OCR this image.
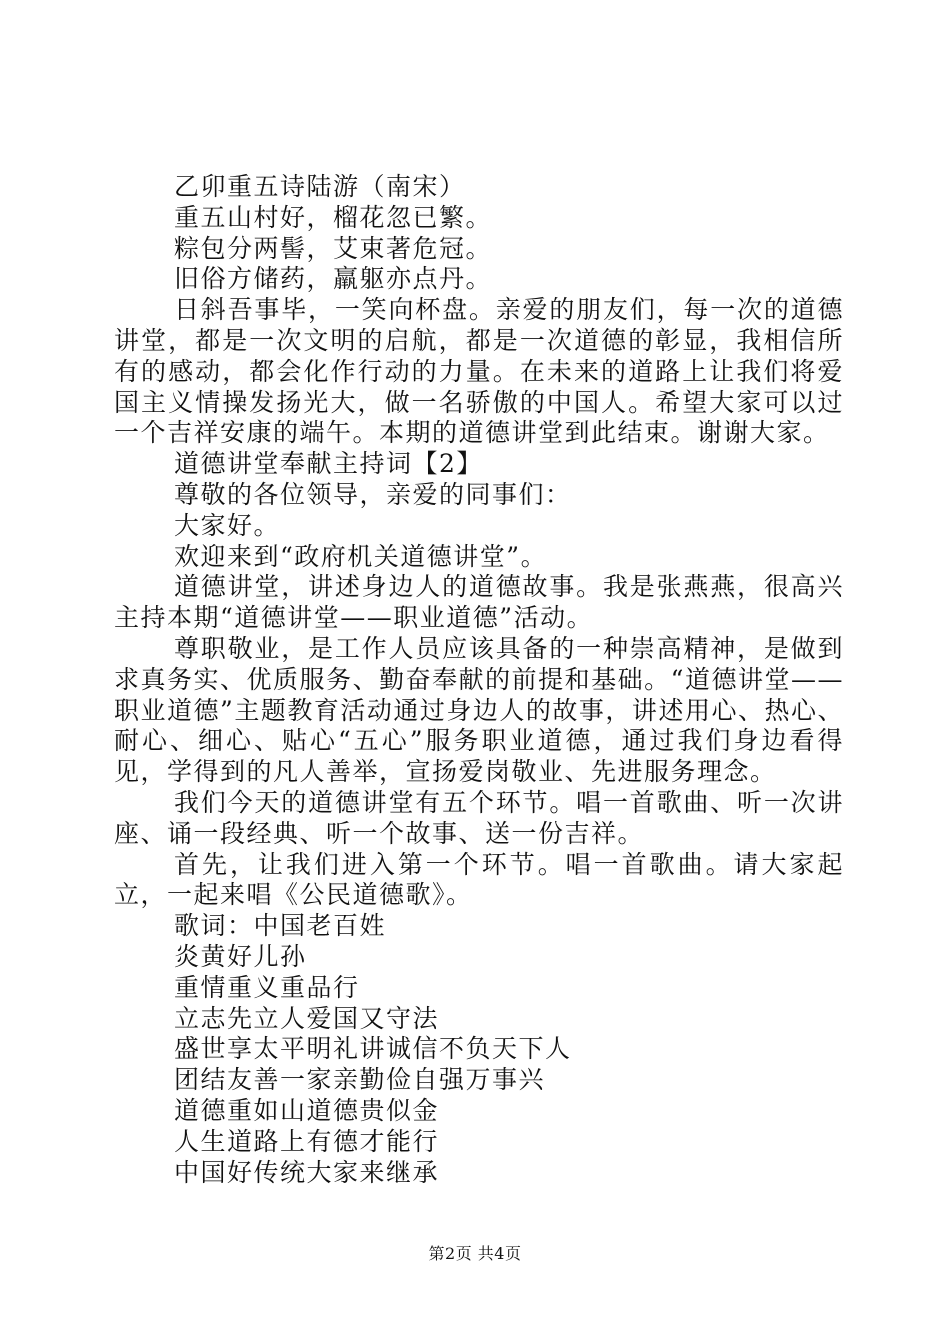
乙卯重五诗陆游（南宋）

重五山村好，榴花忽已繁。

粽包分两髻，艾束著危冠。

旧俗方储药，羸躯亦点丹。

日斜吾事毕，一笑向杯盘。亲爱的朋友们，每一次的道德讲堂，都是一次文明的启航，都是一次道德的彰显，我相信所有的感动，都会化作行动的力量。在未来的道路上让我们将爱国主义情操发扬光大，做一名骄傲的中国人。希望大家可以过一个吉祥安康的端午。本期的道德讲堂到此结束。谢谢大家。

道德讲堂奉献主持词【2】

尊敬的各位领导，亲爱的同事们：

大家好。

欢迎来到“政府机关道德讲堂”。

道德讲堂，讲述身边人的道德故事。我是张燕燕，很高兴主持本期“道德讲堂——职业道德”活动。

尊职敬业，是工作人员应该具备的一种崇高精神，是做到求真务实、优质服务、勤奋奉献的前提和基础。“道德讲堂——职业道德”主题教育活动通过身边人的故事，讲述用心、热心、耐心、细心、贴心“五心”服务职业道德，通过我们身边看得见，学得到的凡人善举，宣扬爱岗敬业、先进服务理念。

我们今天的道德讲堂有五个环节。唱一首歌曲、听一次讲座、诵一段经典、听一个故事、送一份吉祥。

首先，让我们进入第一个环节。唱一首歌曲。请大家起立，一起来唱《公民道德歌》。

歌词：中国老百姓

炎黄好儿孙

重情重义重品行

立志先立人爱国又守法

盛世享太平明礼讲诚信不负天下人

团结友善一家亲勤俭自强万事兴

道德重如山道德贵似金

人生道路上有德才能行

中国好传统大家来继承

第2页 共4页
